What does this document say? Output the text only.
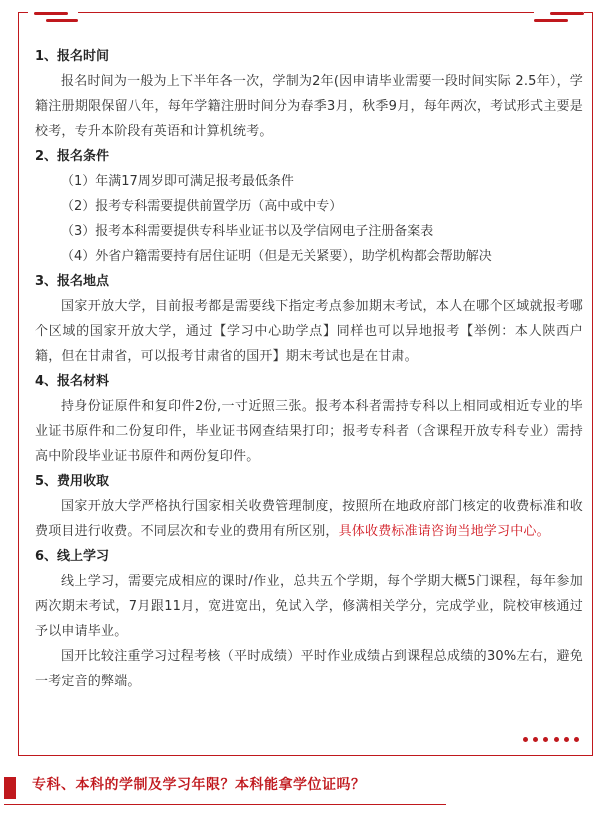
1、报名时间

报名时间为一般为上下半年各一次，学制为2年(因申请毕业需要一段时间实际 2.5年），学籍注册期限保留八年，每年学籍注册时间分为春季3月，秋季9月，每年两次，考试形式主要是校考，专升本阶段有英语和计算机统考。

2、报名条件

（1）年满17周岁即可满足报考最低条件

（2）报考专科需要提供前置学历（高中或中专）

（3）报考本科需要提供专科毕业证书以及学信网电子注册备案表

（4）外省户籍需要持有居住证明（但是无关紧要），助学机构都会帮助解决

3、报名地点

国家开放大学，目前报考都是需要线下指定考点参加期末考试，本人在哪个区域就报考哪个区域的国家开放大学，通过【学习中心助学点】同样也可以异地报考【举例：本人陕西户籍，但在甘肃省，可以报考甘肃省的国开】期末考试也是在甘肃。

4、报名材料

持身份证原件和复印件2份,一寸近照三张。报考本科者需持专科以上相同或相近专业的毕业证书原件和二份复印件，毕业证书网查结果打印；报考专科者（含课程开放专科专业）需持高中阶段毕业证书原件和两份复印件。

5、费用收取

国家开放大学严格执行国家相关收费管理制度，按照所在地政府部门核定的收费标准和收费项目进行收费。不同层次和专业的费用有所区别，具体收费标准请咨询当地学习中心。

6、线上学习

线上学习，需要完成相应的课时/作业，总共五个学期，每个学期大概5门课程，每年参加两次期末考试，7月跟11月，宽进宽出，免试入学，修满相关学分，完成学业，院校审核通过予以申请毕业。

国开比较注重学习过程考核（平时成绩）平时作业成绩占到课程总成绩的30%左右，避免一考定音的弊端。

专科、本科的学制及学习年限？本科能拿学位证吗？
